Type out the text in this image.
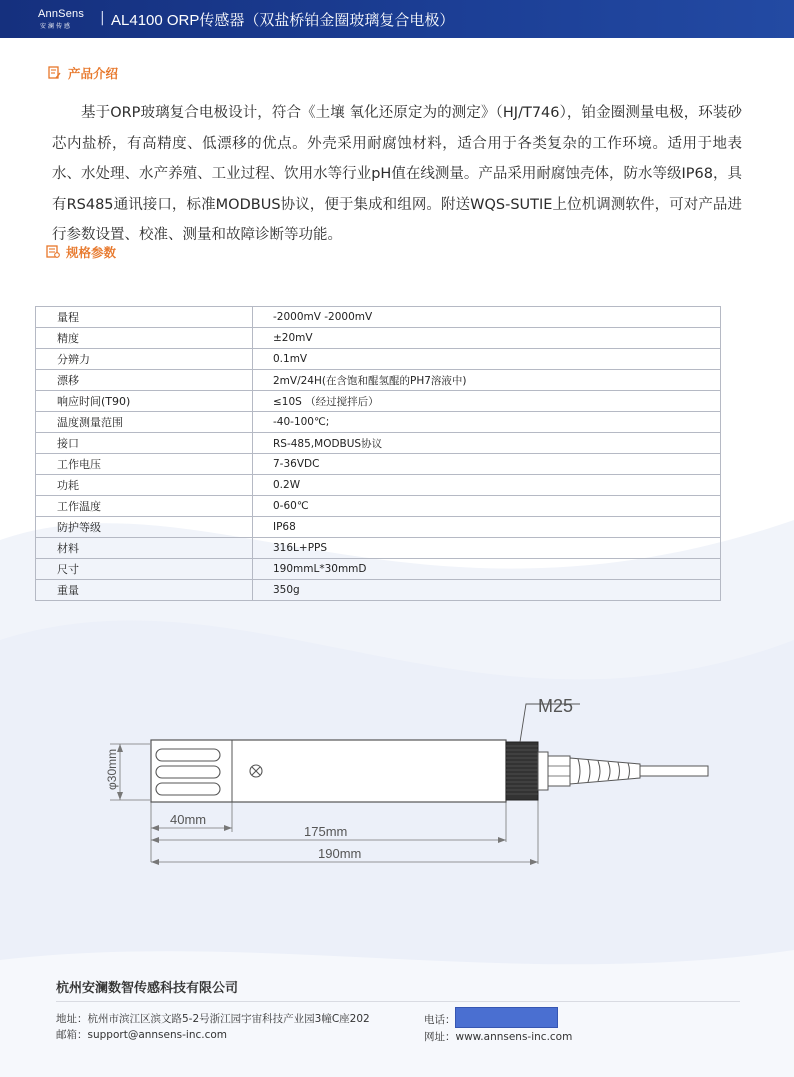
AnnSens
安澜传感
| AL4100 ORP传感器（双盐桥铂金圈玻璃复合电极）
产品介绍
基于ORP玻璃复合电极设计，符合《土壤 氧化还原定为的测定》（HJ/T746），铂金圈测量电极，环装砂芯内盐桥，有高精度、低漂移的优点。外壳采用耐腐蚀材料，适合用于各类复杂的工作环境。适用于地表水、水处理、水产养殖、工业过程、饮用水等行业pH值在线测量。产品采用耐腐蚀壳体，防水等级IP68，具有RS485通讯接口，标准MODBUS协议，便于集成和组网。附送WQS-SUTIE上位机调测软件，可对产品进行参数设置、校准、测量和故障诊断等功能。
规格参数
量程	-2000mV -2000mV
精度	±20mV
分辨力	0.1mV
漂移	2mV/24H(在含饱和醌氢醌的PH7溶液中)
响应时间(T90)	≤10S （经过搅拌后）
温度测量范围	-40-100℃;
接口	RS-485,MODBUS协议
工作电压	7-36VDC
功耗	0.2W
工作温度	0-60℃
防护等级	IP68
材料	316L+PPS
尺寸	190mmL*30mmD
重量	350g
φ30mm
M25
40mm
175mm
190mm
杭州安澜数智传感科技有限公司
地址：杭州市滨江区滨文路5-2号浙江园宇宙科技产业园3幢C座202
邮箱：support@annsens-inc.com
电话：
网址：www.annsens-inc.com
